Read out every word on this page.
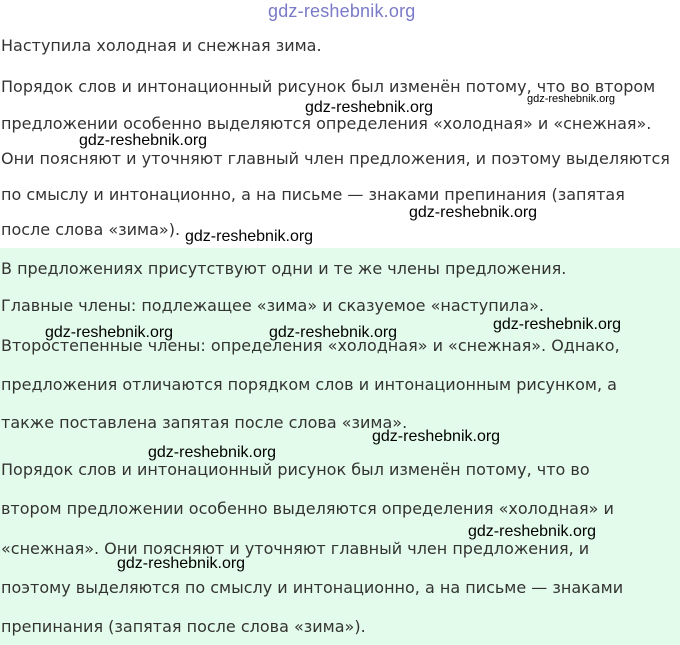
gdz-reshebnik.org
Наступила холодная и снежная зима.
Порядок слов и интонационный рисунок был изменён потому, что во втором
предложении особенно выделяются определения «холодная» и «снежная».
Они поясняют и уточняют главный член предложения, и поэтому выделяются
по смыслу и интонационно, а на письме — знаками препинания (запятая
после слова «зима»).
В предложениях присутствуют одни и те же члены предложения.
Главные члены: подлежащее «зима» и сказуемое «наступила».
Второстепенные члены: определения «холодная» и «снежная». Однако,
предложения отличаются порядком слов и интонационным рисунком, а
также поставлена запятая после слова «зима».
Порядок слов и интонационный рисунок был изменён потому, что во
втором предложении особенно выделяются определения «холодная» и
«снежная». Они поясняют и уточняют главный член предложения, и
поэтому выделяются по смыслу и интонационно, а на письме — знаками
препинания (запятая после слова «зима»).
gdz-reshebnik.org	gdz-reshebnik.org
gdz-reshebnik.org
gdz-reshebnik.org
gdz-reshebnik.org
gdz-reshebnik.org	gdz-reshebnik.org	gdz-reshebnik.org
gdz-reshebnik.org
gdz-reshebnik.org
gdz-reshebnik.org
gdz-reshebnik.org
